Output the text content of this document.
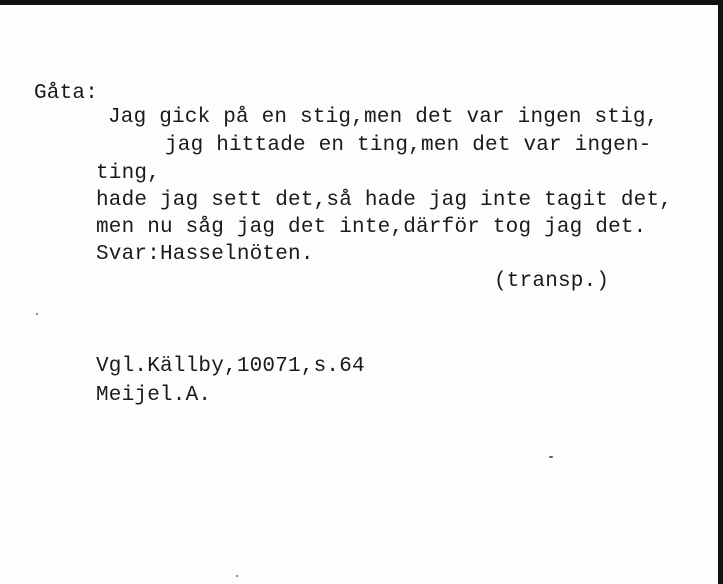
Gåta:
Jag gick på en stig,men det var ingen stig,
jag hittade en ting,men det var ingen-
ting,
hade jag sett det,så hade jag inte tagit det,
men nu såg jag det inte,därför tog jag det.
Svar:Hasselnöten.
(transp.)
Vgl.Källby,10071,s.64
Meijel.A.
